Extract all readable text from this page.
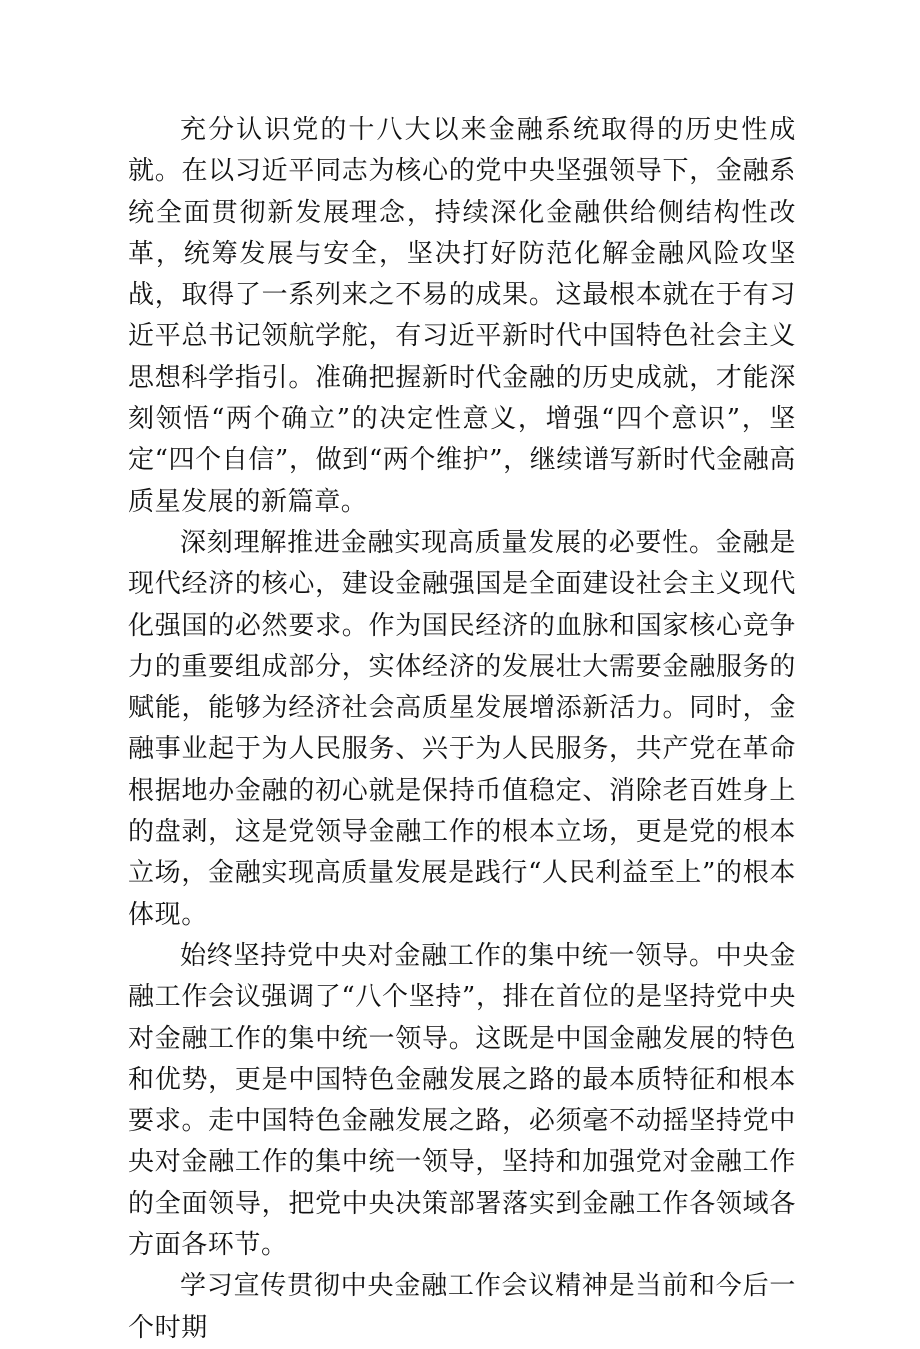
充分认识党的十八大以来金融系统取得的历史性成就。在以习近平同志为核心的党中央坚强领导下，金融系统全面贯彻新发展理念，持续深化金融供给侧结构性改革，统筹发展与安全，坚决打好防范化解金融风险攻坚战，取得了一系列来之不易的成果。这最根本就在于有习近平总书记领航学舵，有习近平新时代中国特色社会主义思想科学指引。准确把握新时代金融的历史成就，才能深刻领悟“两个确立”的决定性意义，增强“四个意识”，坚定“四个自信”，做到“两个维护”，继续谱写新时代金融高质星发展的新篇章。

深刻理解推进金融实现高质量发展的必要性。金融是现代经济的核心，建设金融强国是全面建设社会主义现代化强国的必然要求。作为国民经济的血脉和国家核心竞争力的重要组成部分，实体经济的发展壮大需要金融服务的赋能，能够为经济社会高质星发展增添新活力。同时，金融事业起于为人民服务、兴于为人民服务，共产党在革命根据地办金融的初心就是保持币值稳定、消除老百姓身上的盘剥，这是党领导金融工作的根本立场，更是党的根本立场，金融实现高质量发展是践行“人民利益至上”的根本体现。

始终坚持党中央对金融工作的集中统一领导。中央金融工作会议强调了“八个坚持”，排在首位的是坚持党中央对金融工作的集中统一领导。这既是中国金融发展的特色和优势，更是中国特色金融发展之路的最本质特征和根本要求。走中国特色金融发展之路，必须毫不动摇坚持党中央对金融工作的集中统一领导，坚持和加强党对金融工作的全面领导，把党中央决策部署落实到金融工作各领域各方面各环节。

学习宣传贯彻中央金融工作会议精神是当前和今后一个时期
